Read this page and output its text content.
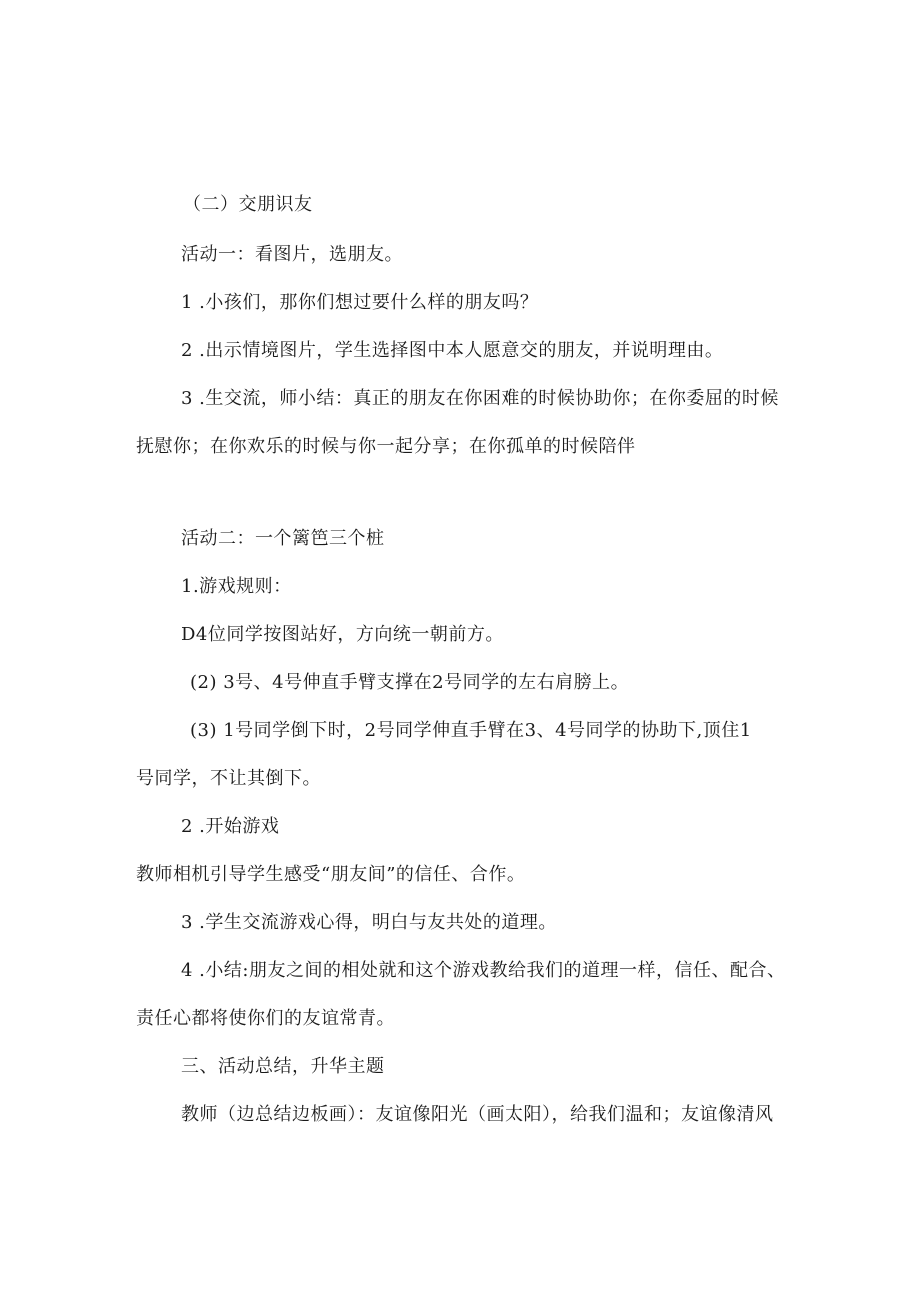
（二）交朋识友
活动一：看图片，选朋友。
1 .小孩们，那你们想过要什么样的朋友吗？
2 .出示情境图片，学生选择图中本人愿意交的朋友，并说明理由。
3 .生交流，师小结：真正的朋友在你困难的时候协助你；在你委屈的时候
抚慰你；在你欢乐的时候与你一起分享；在你孤单的时候陪伴
活动二：一个篱笆三个桩
1.游戏规则：
D4位同学按图站好，方向统一朝前方。
(2) 3号、4号伸直手臂支撑在2号同学的左右肩膀上。
(3) 1号同学倒下时，2号同学伸直手臂在3、4号同学的协助下,顶住1
号同学，不让其倒下。
2 .开始游戏
教师相机引导学生感受“朋友间”的信任、合作。
3 .学生交流游戏心得，明白与友共处的道理。
4 .小结:朋友之间的相处就和这个游戏教给我们的道理一样，信任、配合、
责任心都将使你们的友谊常青。
三、活动总结，升华主题
教师（边总结边板画）：友谊像阳光（画太阳），给我们温和；友谊像清风
